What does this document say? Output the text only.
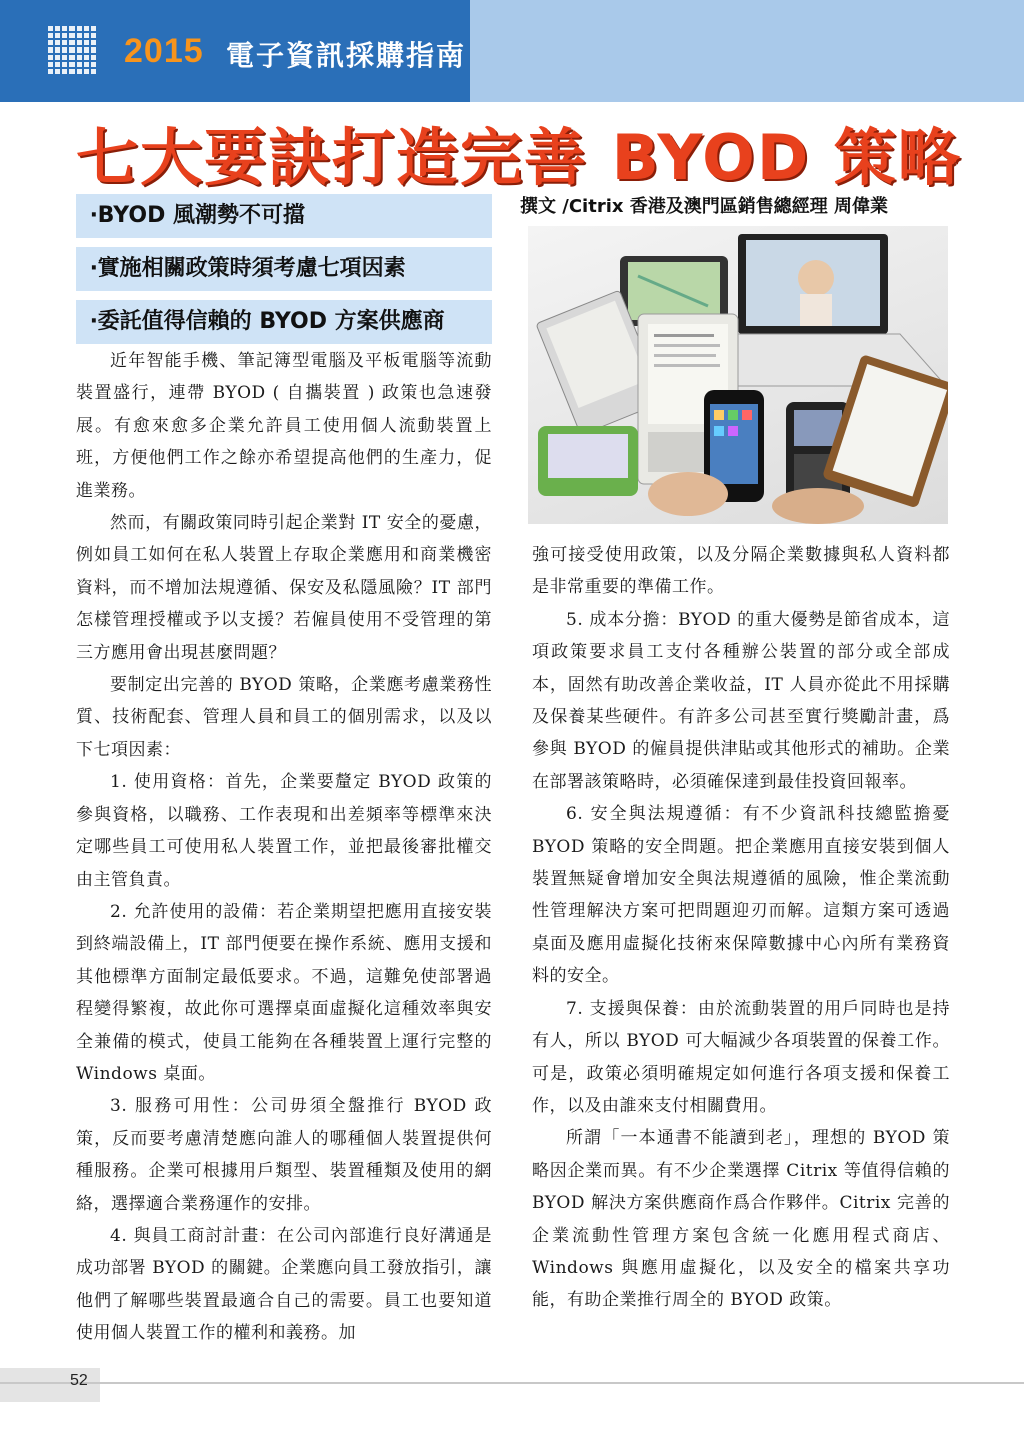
2015 電子資訊採購指南
七大要訣打造完善 BYOD 策略
‧BYOD 風潮勢不可擋
‧實施相關政策時須考慮七項因素
‧委託值得信賴的 BYOD 方案供應商
撰文 /Citrix 香港及澳門區銷售總經理 周偉業

近年智能手機、筆記簿型電腦及平板電腦等流動裝置盛行，連帶 BYOD ( 自攜裝置 ) 政策也急速發展。有愈來愈多企業允許員工使用個人流動裝置上班，方便他們工作之餘亦希望提高他們的生產力，促進業務。

然而，有關政策同時引起企業對 IT 安全的憂慮，例如員工如何在私人裝置上存取企業應用和商業機密資料，而不增加法規遵循、保安及私隱風險？IT 部門怎樣管理授權或予以支援？若僱員使用不受管理的第三方應用會出現甚麼問題？

要制定出完善的 BYOD 策略，企業應考慮業務性質、技術配套、管理人員和員工的個別需求，以及以下七項因素：

1. 使用資格：首先，企業要釐定 BYOD 政策的參與資格，以職務、工作表現和出差頻率等標準來決定哪些員工可使用私人裝置工作，並把最後審批權交由主管負責。

2. 允許使用的設備：若企業期望把應用直接安裝到終端設備上，IT 部門便要在操作系統、應用支援和其他標準方面制定最低要求。不過，這難免使部署過程變得繁複，故此你可選擇桌面虛擬化這種效率與安全兼備的模式，使員工能夠在各種裝置上運行完整的 Windows 桌面。

3. 服務可用性：公司毋須全盤推行 BYOD 政策，反而要考慮清楚應向誰人的哪種個人裝置提供何種服務。企業可根據用戶類型、裝置種類及使用的網絡，選擇適合業務運作的安排。

4. 與員工商討計畫：在公司內部進行良好溝通是成功部署 BYOD 的關鍵。企業應向員工發放指引，讓他們了解哪些裝置最適合自己的需要。員工也要知道使用個人裝置工作的權利和義務。加

強可接受使用政策，以及分隔企業數據與私人資料都是非常重要的準備工作。

5. 成本分擔：BYOD 的重大優勢是節省成本，這項政策要求員工支付各種辦公裝置的部分或全部成本，固然有助改善企業收益，IT 人員亦從此不用採購及保養某些硬件。有許多公司甚至實行獎勵計畫，爲參與 BYOD 的僱員提供津貼或其他形式的補助。企業在部署該策略時，必須確保達到最佳投資回報率。

6. 安全與法規遵循：有不少資訊科技總監擔憂 BYOD 策略的安全問題。把企業應用直接安裝到個人裝置無疑會增加安全與法規遵循的風險，惟企業流動性管理解決方案可把問題迎刃而解。這類方案可透過桌面及應用虛擬化技術來保障數據中心內所有業務資料的安全。

7. 支援與保養：由於流動裝置的用戶同時也是持有人，所以 BYOD 可大幅減少各項裝置的保養工作。可是，政策必須明確規定如何進行各項支援和保養工作，以及由誰來支付相關費用。

所謂「一本通書不能讀到老」，理想的 BYOD 策略因企業而異。有不少企業選擇 Citrix 等值得信賴的 BYOD 解決方案供應商作爲合作夥伴。Citrix 完善的企業流動性管理方案包含統一化應用程式商店、Windows 與應用虛擬化，以及安全的檔案共享功能，有助企業推行周全的 BYOD 政策。

52
